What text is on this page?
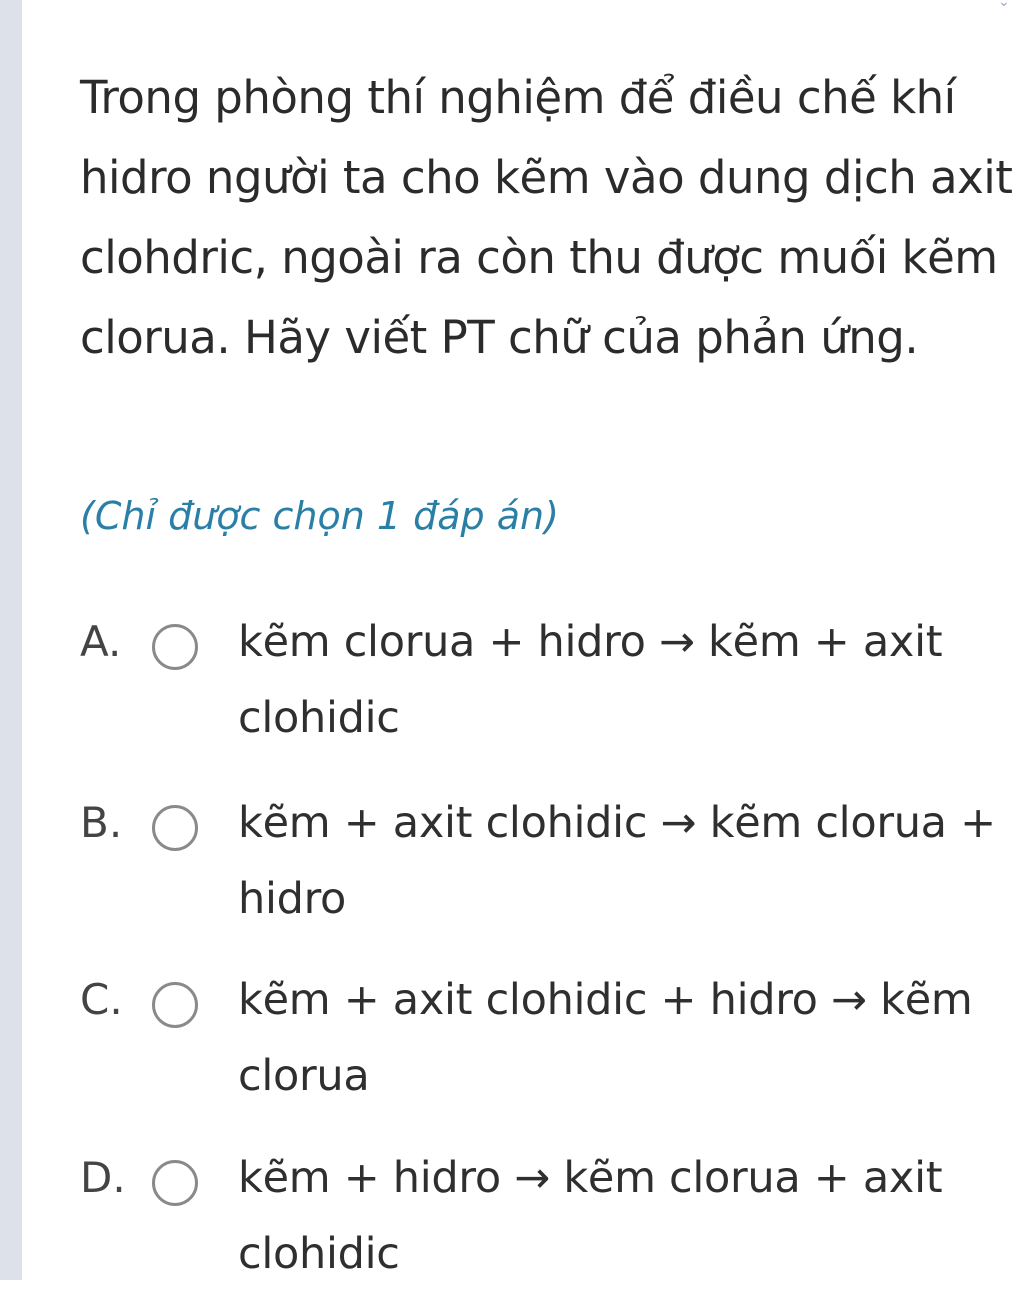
⌄

Trong phòng thí nghiệm để điều chế khí hidro người ta cho kẽm vào dung dịch axit clohdric, ngoài ra còn thu được muối kẽm clorua. Hãy viết PT chữ của phản ứng.

(Chỉ được chọn 1 đáp án)

A.	kẽm clorua + hidro → kẽm + axit clohidic
B.	kẽm + axit clohidic → kẽm clorua + hidro
C.	kẽm + axit clohidic + hidro → kẽm clorua
D.	kẽm + hidro → kẽm clorua + axit clohidic
